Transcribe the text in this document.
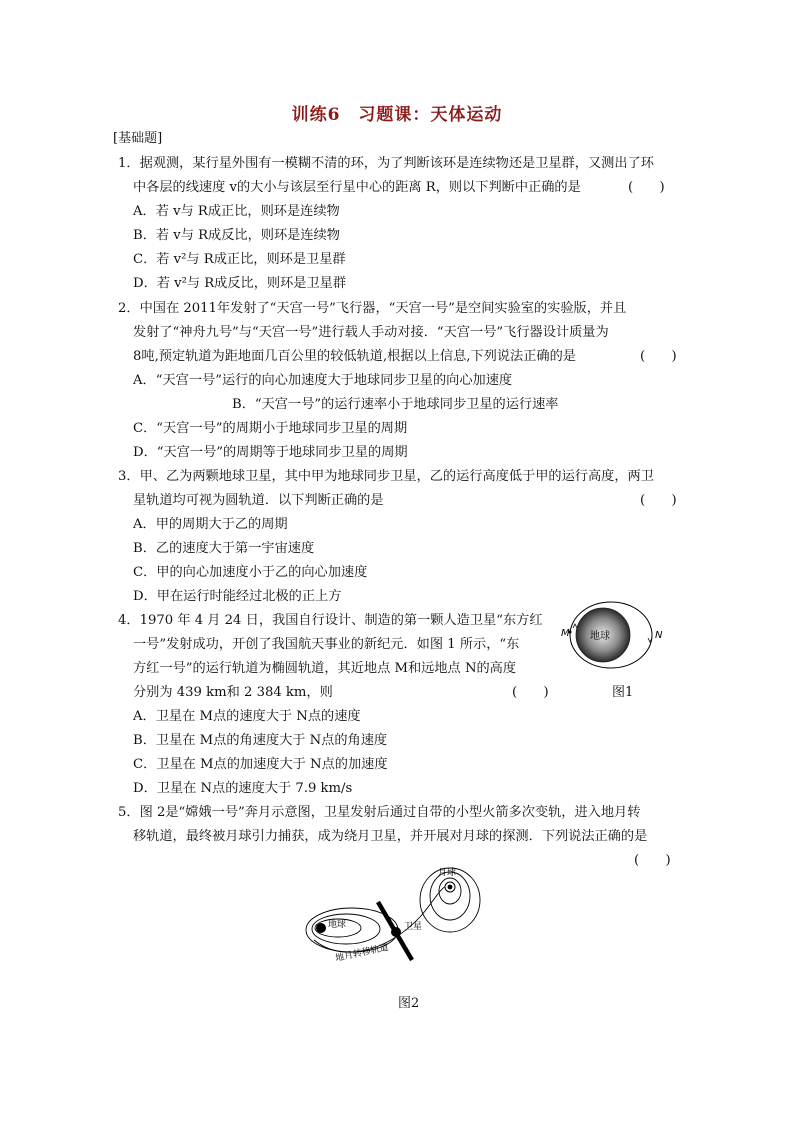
训练6　习题课：天体运动
[基础题]
1．据观测，某行星外围有一模糊不清的环，为了判断该环是连续物还是卫星群，又测出了环
中各层的线速度 v的大小与该层至行星中心的距离 R，则以下判断中正确的是	(　　)
A．若 v与 R成正比，则环是连续物
B．若 v与 R成反比，则环是连续物
C．若 v²与 R成正比，则环是卫星群
D．若 v²与 R成反比，则环是卫星群
2．中国在 2011年发射了“天宫一号”飞行器，“天宫一号”是空间实验室的实验版，并且
发射了“神舟九号”与“天宫一号”进行载人手动对接．“天宫一号”飞行器设计质量为
8吨,预定轨道为距地面几百公里的较低轨道,根据以上信息,下列说法正确的是	(　　)
A．“天宫一号”运行的向心加速度大于地球同步卫星的向心加速度
B．“天宫一号”的运行速率小于地球同步卫星的运行速率
C．“天宫一号”的周期小于地球同步卫星的周期
D．“天宫一号”的周期等于地球同步卫星的周期
3．甲、乙为两颗地球卫星，其中甲为地球同步卫星，乙的运行高度低于甲的运行高度，两卫
星轨道均可视为圆轨道．以下判断正确的是	(　　)
A．甲的周期大于乙的周期
B．乙的速度大于第一宇宙速度
C．甲的向心加速度小于乙的向心加速度
D．甲在运行时能经过北极的正上方
4．1970 年 4 月 24 日，我国自行设计、制造的第一颗人造卫星“东方红
一号”发射成功，开创了我国航天事业的新纪元．如图 1 所示，“东
方红一号”的运行轨道为椭圆轨道，其近地点 M和远地点 N的高度
分别为 439 km和 2 384 km，则	(　　)
A．卫星在 M点的速度大于 N点的速度
B．卫星在 M点的角速度大于 N点的角速度
C．卫星在 M点的加速度大于 N点的加速度
D．卫星在 N点的速度大于 7.9 km/s
地球
M	N
图1
5．图 2是“嫦娥一号”奔月示意图，卫星发射后通过自带的小型火箭多次变轨，进入地月转
移轨道，最终被月球引力捕获，成为绕月卫星，并开展对月球的探测．下列说法正确的是
(　　)
地球
月球
卫星
地月转移轨道
图2
